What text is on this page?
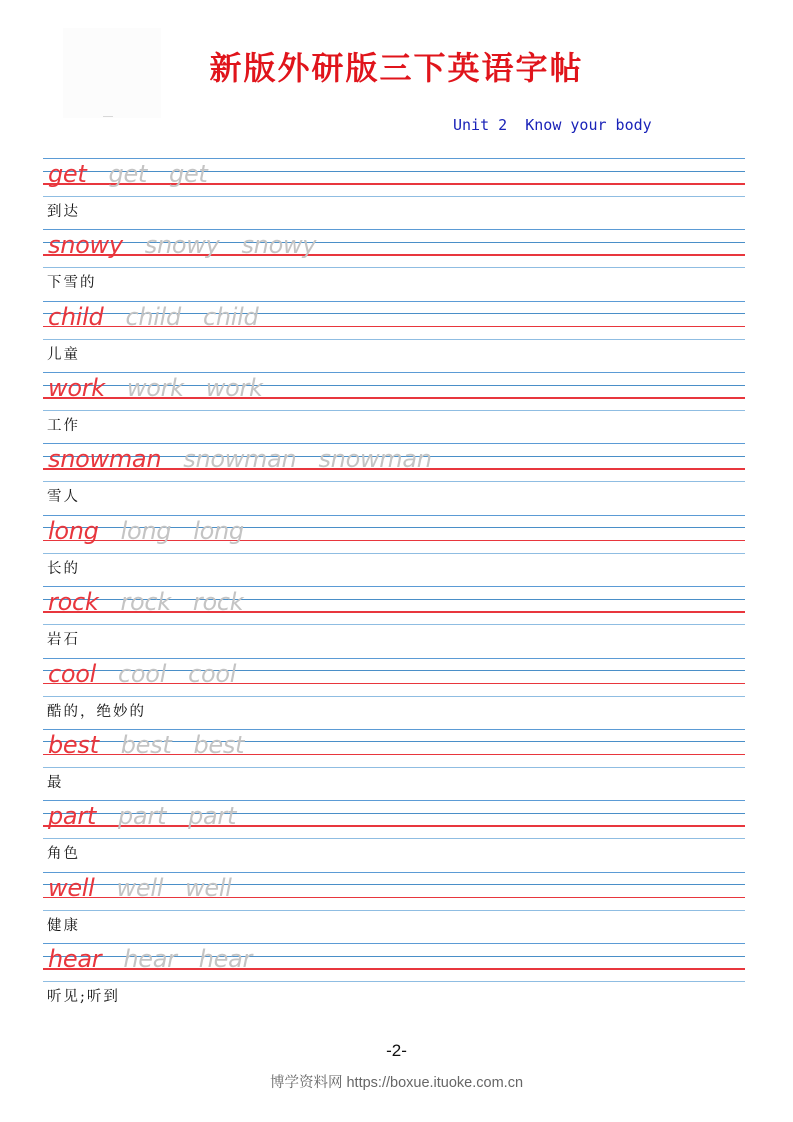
新版外研版三下英语字帖
Unit 2  Know your body
get get get
到达
snowy snowy snowy
下雪的
child child child
儿童
work work work
工作
snowman snowman snowman
雪人
long long long
长的
rock rock rock
岩石
cool cool cool
酷的，绝妙的
best best best
最
part part part
角色
well well well
健康
hear hear hear
听见;听到
-2-
博学资料网 https://boxue.ituoke.com.cn
